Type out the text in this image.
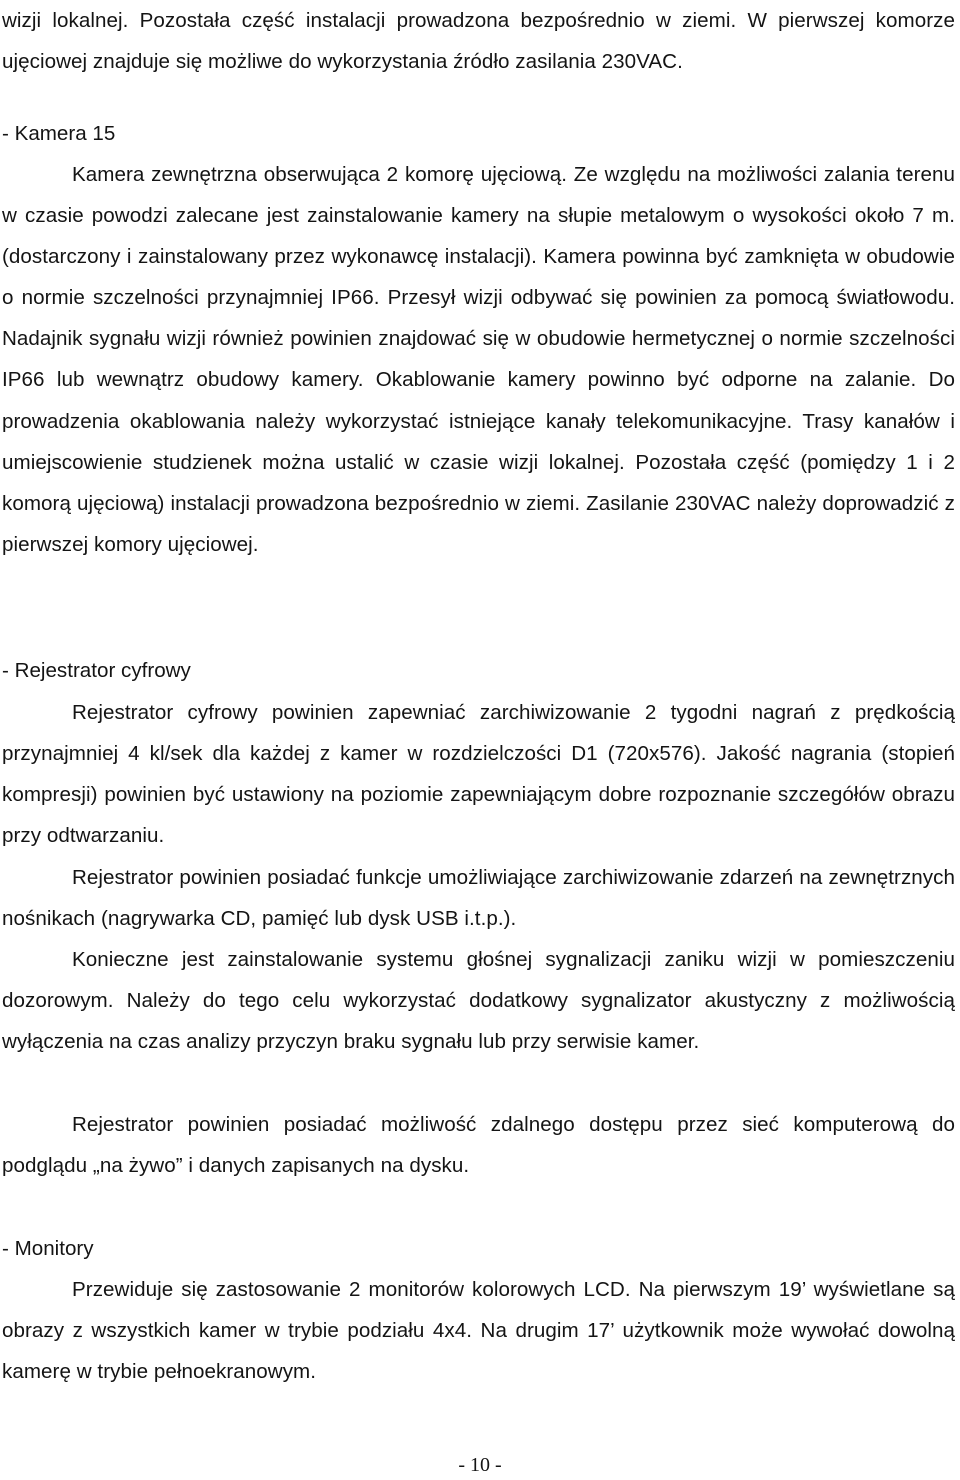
wizji lokalnej. Pozostała część instalacji prowadzona bezpośrednio w ziemi. W pierwszej komorze ujęciowej znajduje się możliwe do wykorzystania źródło zasilania 230VAC.

- Kamera 15

Kamera zewnętrzna obserwująca 2 komorę ujęciową. Ze względu na możliwości zalania terenu w czasie powodzi zalecane jest zainstalowanie kamery na słupie metalowym o wysokości około 7 m. (dostarczony i zainstalowany przez wykonawcę instalacji). Kamera powinna być zamknięta w obudowie o normie szczelności przynajmniej IP66. Przesył wizji odbywać się powinien za pomocą światłowodu. Nadajnik sygnału wizji również powinien znajdować się w obudowie hermetycznej o normie szczelności IP66 lub wewnątrz obudowy kamery. Okablowanie kamery powinno być odporne na zalanie. Do prowadzenia okablowania należy wykorzystać istniejące kanały telekomunikacyjne. Trasy kanałów i umiejscowienie studzienek można ustalić w czasie wizji lokalnej. Pozostała część (pomiędzy 1 i 2 komorą ujęciową) instalacji prowadzona bezpośrednio w ziemi. Zasilanie 230VAC należy doprowadzić z pierwszej komory ujęciowej.

- Rejestrator cyfrowy

Rejestrator cyfrowy powinien zapewniać zarchiwizowanie 2 tygodni nagrań z prędkością przynajmniej 4 kl/sek dla każdej z kamer w rozdzielczości D1 (720x576). Jakość nagrania (stopień kompresji) powinien być ustawiony na poziomie zapewniającym dobre rozpoznanie szczegółów obrazu przy odtwarzaniu.

Rejestrator powinien posiadać funkcje umożliwiające zarchiwizowanie zdarzeń na zewnętrznych nośnikach (nagrywarka CD, pamięć lub dysk USB i.t.p.).

Konieczne jest zainstalowanie systemu głośnej sygnalizacji zaniku wizji w pomieszczeniu dozorowym. Należy do tego celu wykorzystać dodatkowy sygnalizator akustyczny z możliwością wyłączenia na czas analizy przyczyn braku sygnału lub przy serwisie kamer.

Rejestrator powinien posiadać możliwość zdalnego dostępu przez sieć komputerową do podglądu „na żywo” i danych zapisanych na dysku.

- Monitory

Przewiduje się zastosowanie 2 monitorów kolorowych LCD. Na pierwszym 19’ wyświetlane są obrazy z wszystkich kamer w trybie podziału 4x4. Na drugim 17’ użytkownik może wywołać dowolną kamerę w trybie pełnoekranowym.

- 10 -
